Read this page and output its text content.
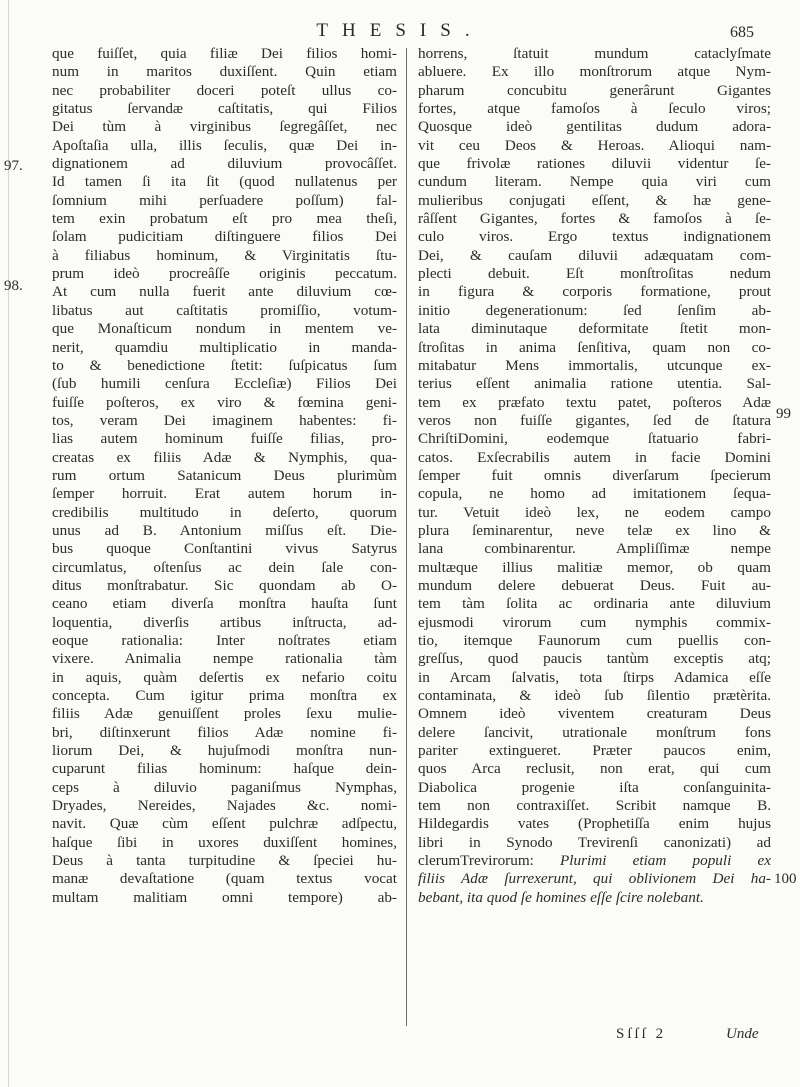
THESIS.	685
97.
98.
99
100
que fuiſſet, quia filiæ Dei filios homi-
num in maritos duxiſſent. Quin etiam
nec probabiliter doceri poteſt ullus co-
gitatus ſervandæ caſtitatis, qui Filios
Dei tùm à virginibus ſegregâſſet, nec
Apoſtaſia ulla, illis ſeculis, quæ Dei in-
dignationem ad diluvium provocâſſet.
Id tamen ſi ita ſit (quod nullatenus per
ſomnium mihi perſuadere poſſum) fal-
tem exin probatum eſt pro mea theſi,
ſolam pudicitiam diſtinguere filios Dei
à filiabus hominum, & Virginitatis ſtu-
prum ideò procreâſſe originis peccatum.
At cum nulla fuerit ante diluvium cœ-
libatus aut caſtitatis promiſſio, votum-
que Monaſticum nondum in mentem ve-
nerit, quamdiu multiplicatio in manda-
to & benedictione ſtetit: ſuſpicatus ſum
(ſub humili cenſura Eccleſiæ) Filios Dei
fuiſſe poſteros, ex viro & fœmina geni-
tos, veram Dei imaginem habentes: fi-
lias autem hominum fuiſſe filias, pro-
creatas ex filiis Adæ & Nymphis, qua-
rum ortum Satanicum Deus plurimùm
ſemper horruit. Erat autem horum in-
credibilis multitudo in deſerto, quorum
unus ad B. Antonium miſſus eſt. Die-
bus quoque Conſtantini vivus Satyrus
circumlatus, oſtenſus ac dein ſale con-
ditus monſtrabatur. Sic quondam ab O-
ceano etiam diverſa monſtra hauſta ſunt
loquentia, diverſis artibus inſtructa, ad-
eoque rationalia: Inter noſtrates etiam
vixere. Animalia nempe rationalia tàm
in aquis, quàm deſertis ex nefario coitu
concepta. Cum igitur prima monſtra ex
filiis Adæ genuiſſent proles ſexu mulie-
bri, diſtinxerunt filios Adæ nomine fi-
liorum Dei, & hujuſmodi monſtra nun-
cuparunt filias hominum: haſque dein-
ceps à diluvio paganiſmus Nymphas,
Dryades, Nereides, Najades &c. nomi-
navit. Quæ cùm eſſent pulchræ adſpectu,
haſque ſibi in uxores duxiſſent homines,
Deus à tanta turpitudine & ſpeciei hu-
manæ devaſtatione (quam textus vocat
multam malitiam omni tempore) ab-
horrens, ſtatuit mundum cataclyſmate
abluere. Ex illo monſtrorum atque Nym-
pharum concubitu generârunt Gigantes
fortes, atque famoſos à ſeculo viros;
Quosque ideò gentilitas dudum adora-
vit ceu Deos & Heroas. Alioqui nam-
que frivolæ rationes diluvii videntur ſe-
cundum literam. Nempe quia viri cum
mulieribus conjugati eſſent, & hæ gene-
râſſent Gigantes, fortes & famoſos à ſe-
culo viros. Ergo textus indignationem
Dei, & cauſam diluvii adæquatam com-
plecti debuit. Eſt monſtroſitas nedum
in figura & corporis formatione, prout
initio degenerationum: ſed ſenſim ab-
lata diminutaque deformitate ſtetit mon-
ſtroſitas in anima ſenſitiva, quam non co-
mitabatur Mens immortalis, utcunque ex-
terius eſſent animalia ratione utentia. Sal-
tem ex præfato textu patet, poſteros Adæ
veros non fuiſſe gigantes, ſed de ſtatura
ChriſtiDomini, eodemque ſtatuario fabri-
catos. Exſecrabilis autem in facie Domini
ſemper fuit omnis diverſarum ſpecierum
copula, ne homo ad imitationem ſequa-
tur. Vetuit ideò lex, ne eodem campo
plura ſeminarentur, neve telæ ex lino &
lana combinarentur. Ampliſſimæ nempe
multæque illius malitiæ memor, ob quam
mundum delere debuerat Deus. Fuit au-
tem tàm ſolita ac ordinaria ante diluvium
ejusmodi virorum cum nymphis commix-
tio, itemque Faunorum cum puellis con-
greſſus, quod paucis tantùm exceptis atq;
in Arcam ſalvatis, tota ſtirps Adamica eſſe
contaminata, & ideò ſub ſilentio prætèrita.
Omnem ideò viventem creaturam Deus
delere ſancivit, utrationale monſtrum fons
pariter extingueret. Præter paucos enim,
quos Arca reclusit, non erat, qui cum
Diabolica progenie iſta conſanguinita-
tem non contraxiſſet. Scribit namque B.
Hildegardis vates (Prophetiſſa enim hujus
libri in Synodo Trevirenſi canonizati) ad
clerumTrevirorum: Plurimi etiam populi ex
filiis Adæ ſurrexerunt, qui oblivionem Dei ha-
bebant, ita quod ſe homines eſſe ſcire nolebant.
Sſſſ 2	Unde
